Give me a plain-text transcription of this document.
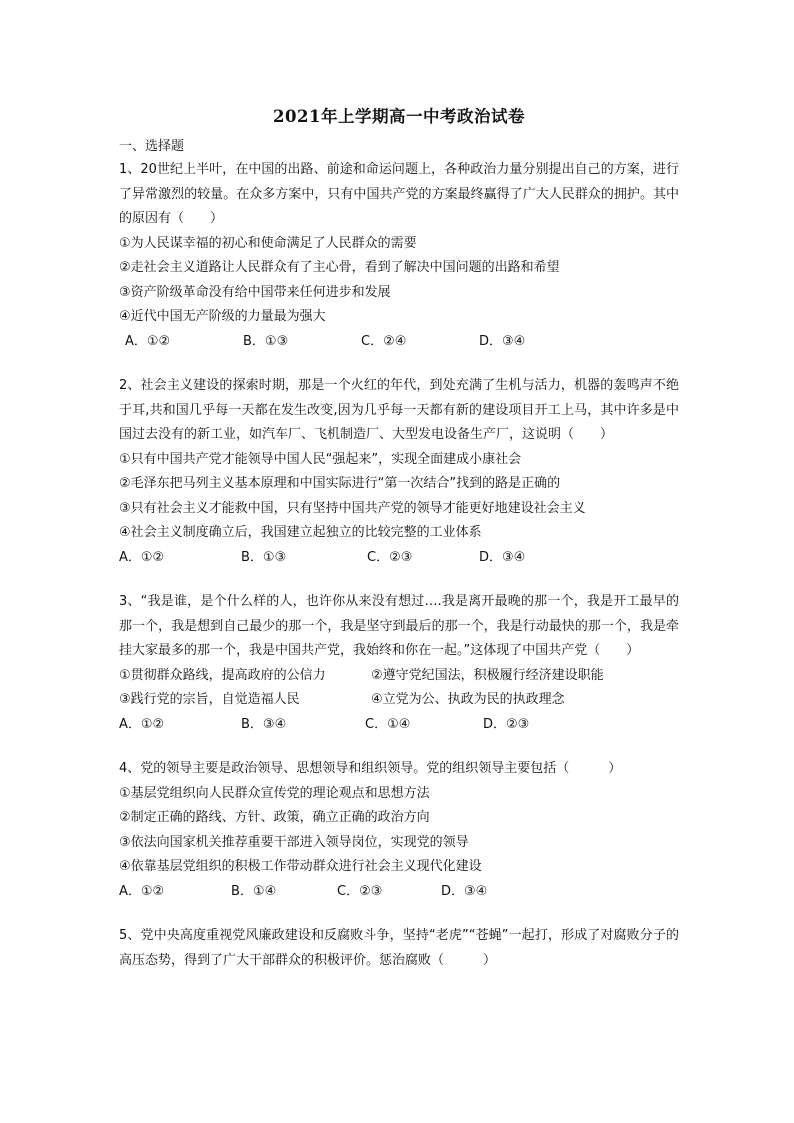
2021年上学期高一中考政治试卷

一、选择题

1、20世纪上半叶，在中国的出路、前途和命运问题上，各种政治力量分别提出自己的方案，进行了异常激烈的较量。在众多方案中，只有中国共产党的方案最终赢得了广大人民群众的拥护。其中的原因有（　　）

①为人民谋幸福的初心和使命满足了人民群众的需要

②走社会主义道路让人民群众有了主心骨，看到了解决中国问题的出路和希望

③资产阶级革命没有给中国带来任何进步和发展

④近代中国无产阶级的力量最为强大

A．①②	B．①③	C．②④	D．③④

2、社会主义建设的探索时期，那是一个火红的年代，到处充满了生机与活力，机器的轰鸣声不绝于耳,共和国几乎每一天都在发生改变,因为几乎每一天都有新的建设项目开工上马，其中许多是中国过去没有的新工业，如汽车厂、飞机制造厂、大型发电设备生产厂，这说明（　　）

①只有中国共产党才能领导中国人民“强起来”，实现全面建成小康社会

②毛泽东把马列主义基本原理和中国实际进行“第一次结合”找到的路是正确的

③只有社会主义才能救中国，只有坚持中国共产党的领导才能更好地建设社会主义

④社会主义制度确立后，我国建立起独立的比较完整的工业体系

A．①②	B．①③	C．②③	D．③④

3、“我是谁，是个什么样的人，也许你从来没有想过….我是离开最晚的那一个，我是开工最早的那一个，我是想到自己最少的那一个，我是坚守到最后的那一个，我是行动最快的那一个，我是牵挂大家最多的那一个，我是中国共产党，我始终和你在一起。”这体现了中国共产党（　　）

①贯彻群众路线，提高政府的公信力	②遵守党纪国法，积极履行经济建设职能

③践行党的宗旨，自觉造福人民	④立党为公、执政为民的执政理念

A．①②	B．③④	C．①④	D．②③

4、党的领导主要是政治领导、思想领导和组织领导。党的组织领导主要包括（　　　）

①基层党组织向人民群众宣传党的理论观点和思想方法

②制定正确的路线、方针、政策，确立正确的政治方向

③依法向国家机关推荐重要干部进入领导岗位，实现党的领导

④依靠基层党组织的积极工作带动群众进行社会主义现代化建设

A．①②	B．①④	C．②③	D．③④

5、党中央高度重视党风廉政建设和反腐败斗争，坚持“老虎”“苍蝇”一起打，形成了对腐败分子的高压态势，得到了广大干部群众的积极评价。惩治腐败（　　　）
